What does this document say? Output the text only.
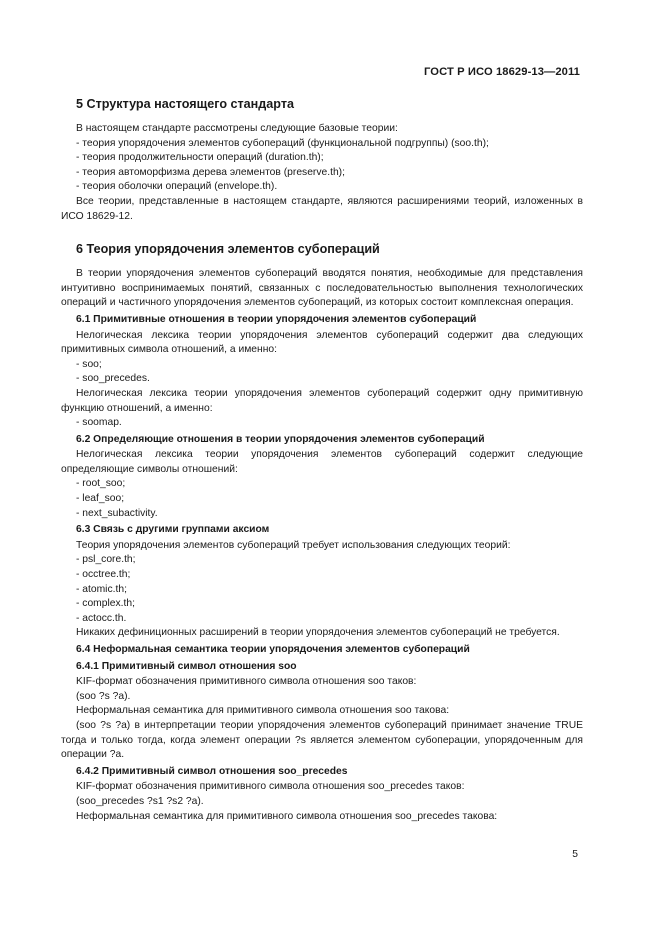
ГОСТ Р ИСО 18629-13—2011
5 Структура настоящего стандарта

В настоящем стандарте рассмотрены следующие базовые теории:

- теория упорядочения элементов субопераций (функциональной подгруппы) (soo.th);
- теория продолжительности операций (duration.th);
- теория автоморфизма дерева элементов (preserve.th);
- теория оболочки операций (envelope.th).

Все теории, представленные в настоящем стандарте, являются расширениями теорий, изложенных в ИСО 18629-12.

6 Теория упорядочения элементов субопераций

В теории упорядочения элементов субопераций вводятся понятия, необходимые для представления интуитивно воспринимаемых понятий, связанных с последовательностью выполнения технологических операций и частичного упорядочения элементов субопераций, из которых состоит комплексная операция.

6.1 Примитивные отношения в теории упорядочения элементов субопераций

Нелогическая лексика теории упорядочения элементов субопераций содержит два следующих примитивных символа отношений, а именно:

- soo;
- soo_precedes.

Нелогическая лексика теории упорядочения элементов субопераций содержит одну примитивную функцию отношений, а именно:

- soomap.
6.2 Определяющие отношения в теории упорядочения элементов субопераций

Нелогическая лексика теории упорядочения элементов субопераций содержит следующие определяющие символы отношений:

- root_soo;
- leaf_soo;
- next_subactivity.
6.3 Связь с другими группами аксиом

Теория упорядочения элементов субопераций требует использования следующих теорий:

- psl_core.th;
- occtree.th;
- atomic.th;
- complex.th;
- actocc.th.

Никаких дефиниционных расширений в теории упорядочения элементов субопераций не требуется.

6.4 Неформальная семантика теории упорядочения элементов субопераций
6.4.1 Примитивный символ отношения soo

KIF-формат обозначения примитивного символа отношения soo таков:

(soo ?s ?a).

Неформальная семантика для примитивного символа отношения soo такова:

(soo ?s ?a) в интерпретации теории упорядочения элементов субопераций принимает значение TRUE тогда и только тогда, когда элемент операции ?s является элементом субоперации, упорядоченным для операции ?a.

6.4.2 Примитивный символ отношения soo_precedes

KIF-формат обозначения примитивного символа отношения soo_precedes таков:

(soo_precedes ?s1 ?s2 ?a).

Неформальная семантика для примитивного символа отношения soo_precedes такова:

5
